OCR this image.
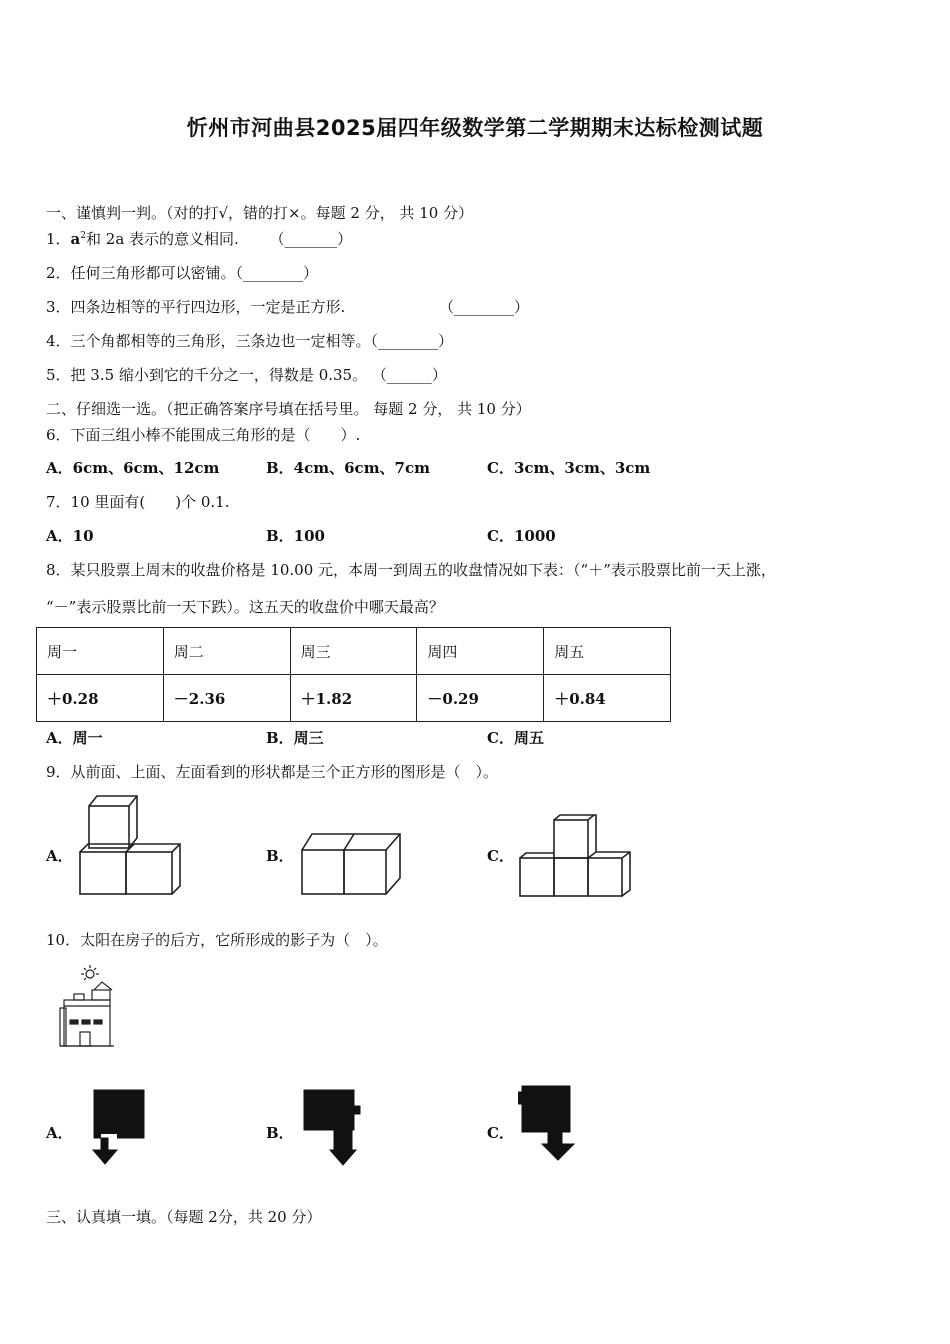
忻州市河曲县2025届四年级数学第二学期期末达标检测试题
一、谨慎判一判。（对的打√，错的打×。每题 2 分， 共 10 分）
1．$a^2$和 2a 表示的意义相同. （_______）
2．任何三角形都可以密铺。（________）
3．四条边相等的平行四边形，一定是正方形.	（________）
4．三个角都相等的三角形，三条边也一定相等。（________）
5．把 3.5 缩小到它的千分之一，得数是 0.35。 （______）
二、仔细选一选。（把正确答案序号填在括号里。 每题 2 分， 共 10 分）
6．下面三组小棒不能围成三角形的是（　　）.
A．6cm、6cm、12cm	B．4cm、6cm、7cm	C．3cm、3cm、3cm
7．10 里面有(　　)个 0.1.
A．10	B．100	C．1000
8．某只股票上周末的收盘价格是 10.00 元，本周一到周五的收盘情况如下表：（“＋”表示股票比前一天上涨，
“－”表示股票比前一天下跌）。这五天的收盘价中哪天最高？
周一	周二	周三	周四	周五
＋0.28	－2.36	＋1.82	－0.29	＋0.84
A．周一	B．周三	C．周五
9．从前面、上面、左面看到的形状都是三个正方形的图形是（　）。
A．	B．	C．
10．太阳在房子的后方，它所形成的影子为（　）。
A．	B．	C．
三、认真填一填。（每题 2分，共 20 分）
